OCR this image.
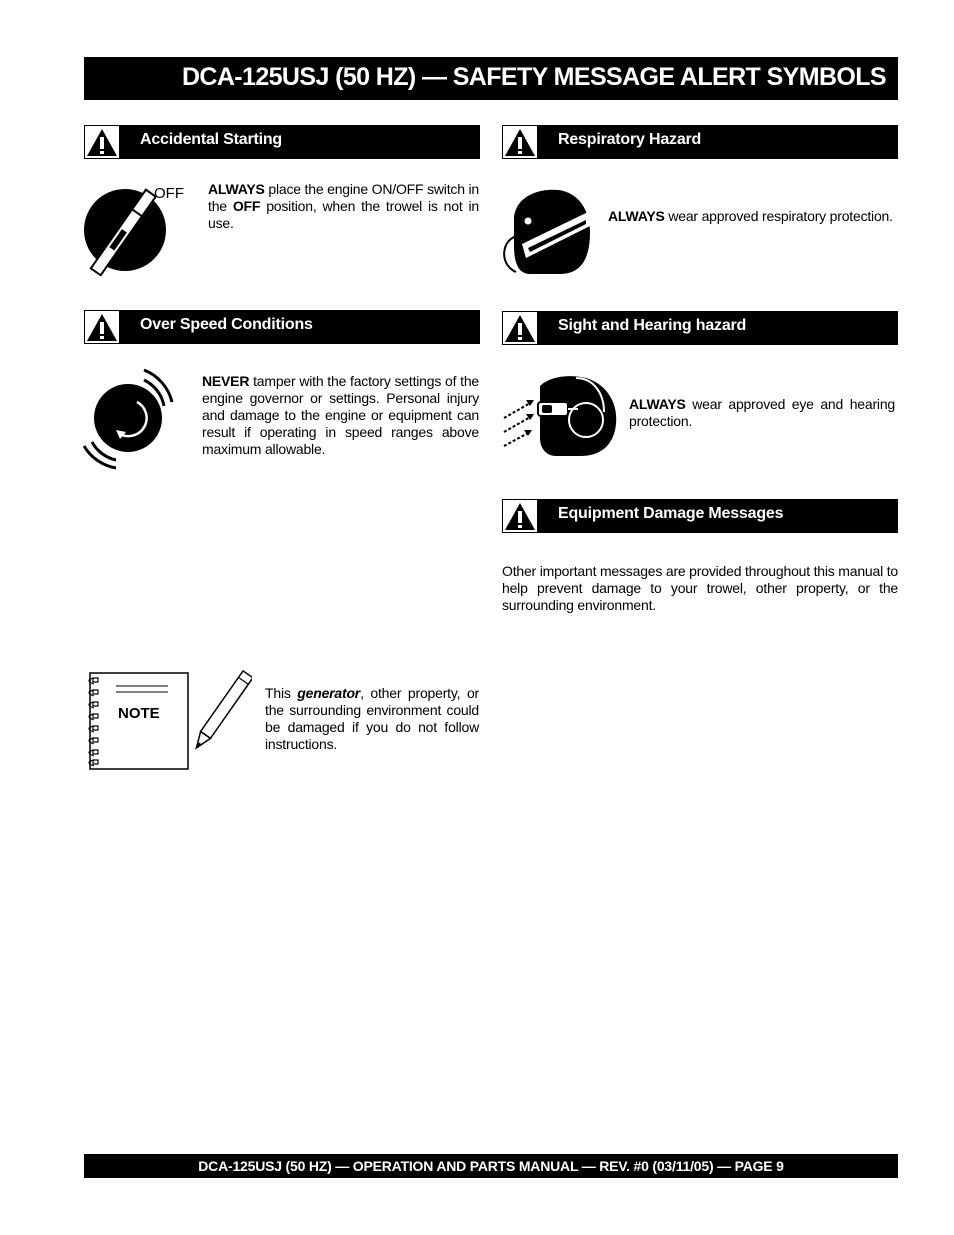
DCA-125USJ (50 HZ) — SAFETY MESSAGE ALERT SYMBOLS
Accidental Starting
OFF ALWAYS place the engine ON/OFF switch in the OFF position, when the trowel is not in use.
Over Speed Conditions
NEVER tamper with the factory settings of the engine governor or settings. Personal injury and damage to the engine or equipment can result if operating in speed ranges above maximum allowable.
NOTE
This generator, other property, or the surrounding environment could be damaged if you do not follow instructions.
Respiratory Hazard
ALWAYS wear approved respiratory protection.
Sight and Hearing hazard
ALWAYS wear approved eye and hearing protection.
Equipment Damage Messages
Other important messages are provided throughout this manual to help prevent damage to your trowel, other property, or the surrounding environment.
DCA-125USJ (50 HZ) — OPERATION AND PARTS MANUAL — REV. #0 (03/11/05) — PAGE 9
